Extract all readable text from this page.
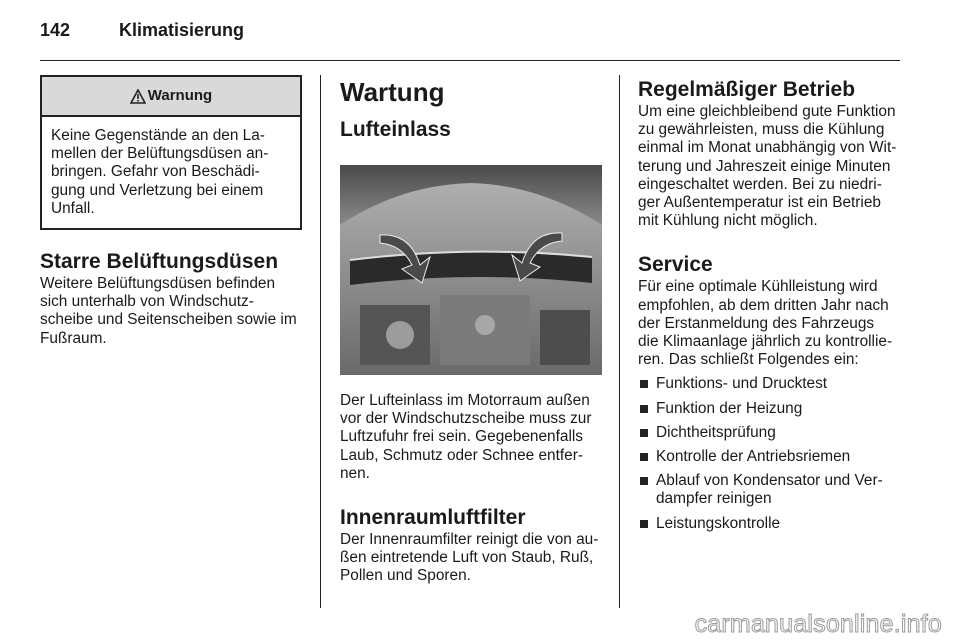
142	Klimatisierung
Warnung
Keine Gegenstände an den La-
mellen der Belüftungsdüsen an-
bringen. Gefahr von Beschädi-
gung und Verletzung bei einem
Unfall.
Starre Belüftungsdüsen
Weitere Belüftungsdüsen befinden
sich unterhalb von Windschutz-
scheibe und Seitenscheiben sowie im
Fußraum.
Wartung
Lufteinlass
Der Lufteinlass im Motorraum außen
vor der Windschutzscheibe muss zur
Luftzufuhr frei sein. Gegebenenfalls
Laub, Schmutz oder Schnee entfer-
nen.
Innenraumluftfilter
Der Innenraumfilter reinigt die von au-
ßen eintretende Luft von Staub, Ruß,
Pollen und Sporen.
Regelmäßiger Betrieb
Um eine gleichbleibend gute Funktion
zu gewährleisten, muss die Kühlung
einmal im Monat unabhängig von Wit-
terung und Jahreszeit einige Minuten
eingeschaltet werden. Bei zu niedri-
ger Außentemperatur ist ein Betrieb
mit Kühlung nicht möglich.
Service
Für eine optimale Kühlleistung wird
empfohlen, ab dem dritten Jahr nach
der Erstanmeldung des Fahrzeugs
die Klimaanlage jährlich zu kontrollie-
ren. Das schließt Folgendes ein:
Funktions- und Drucktest
Funktion der Heizung
Dichtheitsprüfung
Kontrolle der Antriebsriemen
Ablauf von Kondensator und Ver-
dampfer reinigen
Leistungskontrolle
carmanualsonline.info
